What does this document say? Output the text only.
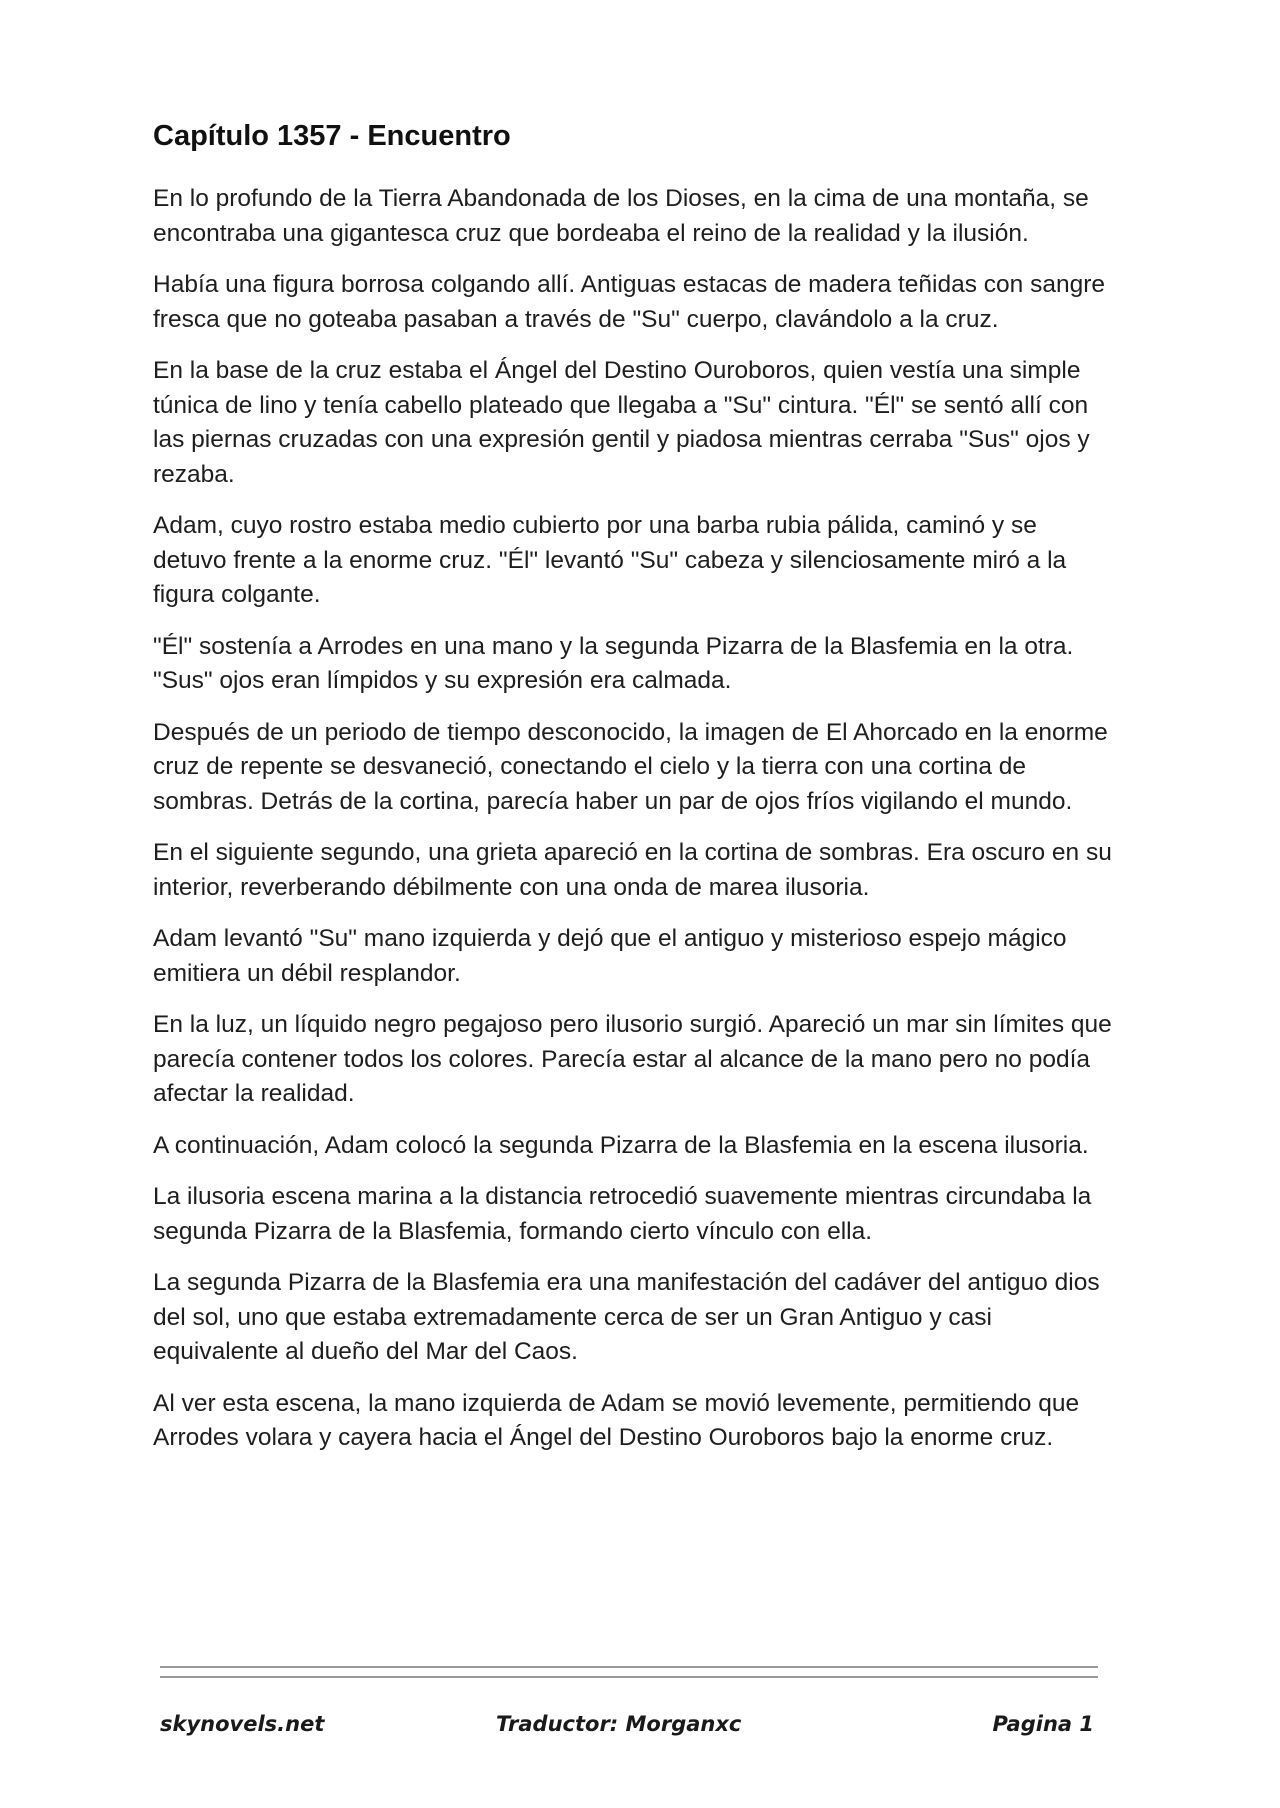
Capítulo 1357 - Encuentro

En lo profundo de la Tierra Abandonada de los Dioses, en la cima de una montaña, se encontraba una gigantesca cruz que bordeaba el reino de la realidad y la ilusión.

Había una figura borrosa colgando allí. Antiguas estacas de madera teñidas con sangre fresca que no goteaba pasaban a través de "Su" cuerpo, clavándolo a la cruz.

En la base de la cruz estaba el Ángel del Destino Ouroboros, quien vestía una simple túnica de lino y tenía cabello plateado que llegaba a "Su" cintura. "Él" se sentó allí con las piernas cruzadas con una expresión gentil y piadosa mientras cerraba "Sus" ojos y rezaba.

Adam, cuyo rostro estaba medio cubierto por una barba rubia pálida, caminó y se detuvo frente a la enorme cruz. "Él" levantó "Su" cabeza y silenciosamente miró a la figura colgante.

"Él" sostenía a Arrodes en una mano y la segunda Pizarra de la Blasfemia en la otra. "Sus" ojos eran límpidos y su expresión era calmada.

Después de un periodo de tiempo desconocido, la imagen de El Ahorcado en la enorme cruz de repente se desvaneció, conectando el cielo y la tierra con una cortina de sombras. Detrás de la cortina, parecía haber un par de ojos fríos vigilando el mundo.

En el siguiente segundo, una grieta apareció en la cortina de sombras. Era oscuro en su interior, reverberando débilmente con una onda de marea ilusoria.

Adam levantó "Su" mano izquierda y dejó que el antiguo y misterioso espejo mágico emitiera un débil resplandor.

En la luz, un líquido negro pegajoso pero ilusorio surgió. Apareció un mar sin límites que parecía contener todos los colores. Parecía estar al alcance de la mano pero no podía afectar la realidad.

A continuación, Adam colocó la segunda Pizarra de la Blasfemia en la escena ilusoria.

La ilusoria escena marina a la distancia retrocedió suavemente mientras circundaba la segunda Pizarra de la Blasfemia, formando cierto vínculo con ella.

La segunda Pizarra de la Blasfemia era una manifestación del cadáver del antiguo dios del sol, uno que estaba extremadamente cerca de ser un Gran Antiguo y casi equivalente al dueño del Mar del Caos.

Al ver esta escena, la mano izquierda de Adam se movió levemente, permitiendo que Arrodes volara y cayera hacia el Ángel del Destino Ouroboros bajo la enorme cruz.

skynovels.net	Traductor: Morganxc	Pagina 1
